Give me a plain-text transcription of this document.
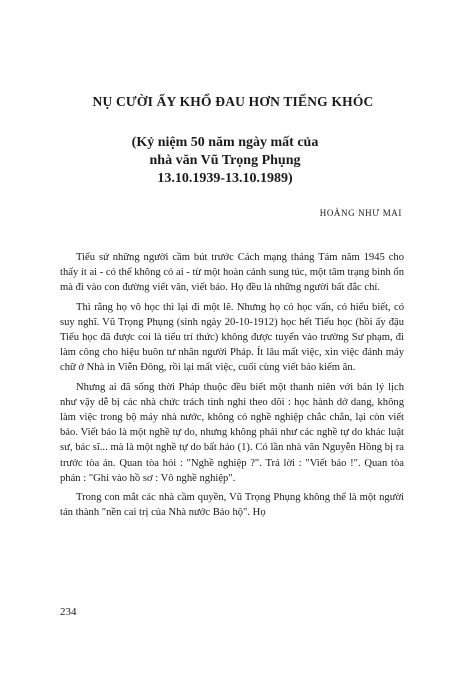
NỤ CƯỜI ẤY KHỔ ĐAU HƠN TIẾNG KHÓC
(Kỷ niệm 50 năm ngày mất của
nhà văn Vũ Trọng Phụng
13.10.1939-13.10.1989)
HOÀNG NHƯ MAI

Tiểu sử những người cầm bút trước Cách mạng tháng Tám năm 1945 cho thấy ít ai - có thể không có ai - từ một hoàn cảnh sung túc, một tâm trạng bình ổn mà đi vào con đường viết văn, viết báo. Họ đều là những người bất đắc chí.

Thì rằng họ vô học thì lại đi một lẽ. Nhưng họ có học vấn, có hiểu biết, có suy nghĩ. Vũ Trọng Phụng (sinh ngày 20-10-1912) học hết Tiểu học (hồi ấy đậu Tiểu học đã được coi là tiểu trí thức) không được tuyển vào trường Sư phạm, đi làm công cho hiệu buôn tư nhân người Pháp. Ít lâu mất việc, xin việc đánh máy chữ ở Nhà in Viễn Đông, rồi lại mất việc, cuối cùng viết báo kiếm ăn.

Nhưng ai đã sống thời Pháp thuộc đều biết một thanh niên với bản lý lịch như vậy dễ bị các nhà chức trách tình nghi theo dõi : học hành dở dang, không làm việc trong bộ máy nhà nước, không có nghề nghiệp chắc chắn, lại còn viết báo. Viết báo là một nghề tự do, nhưng không phải như các nghề tự do khác luật sư, bác sĩ... mà là một nghề tự do bất hảo (1). Có lần nhà văn Nguyễn Hồng bị ra trước tòa án. Quan tòa hỏi : "Nghề nghiệp ?". Trả lời : "Viết báo !". Quan tòa phán : "Ghi vào hồ sơ : Vô nghề nghiệp".

Trong con mắt các nhà cầm quyền, Vũ Trọng Phụng không thể là một người tán thành "nền cai trị của Nhà nước Bảo hộ". Họ

234
